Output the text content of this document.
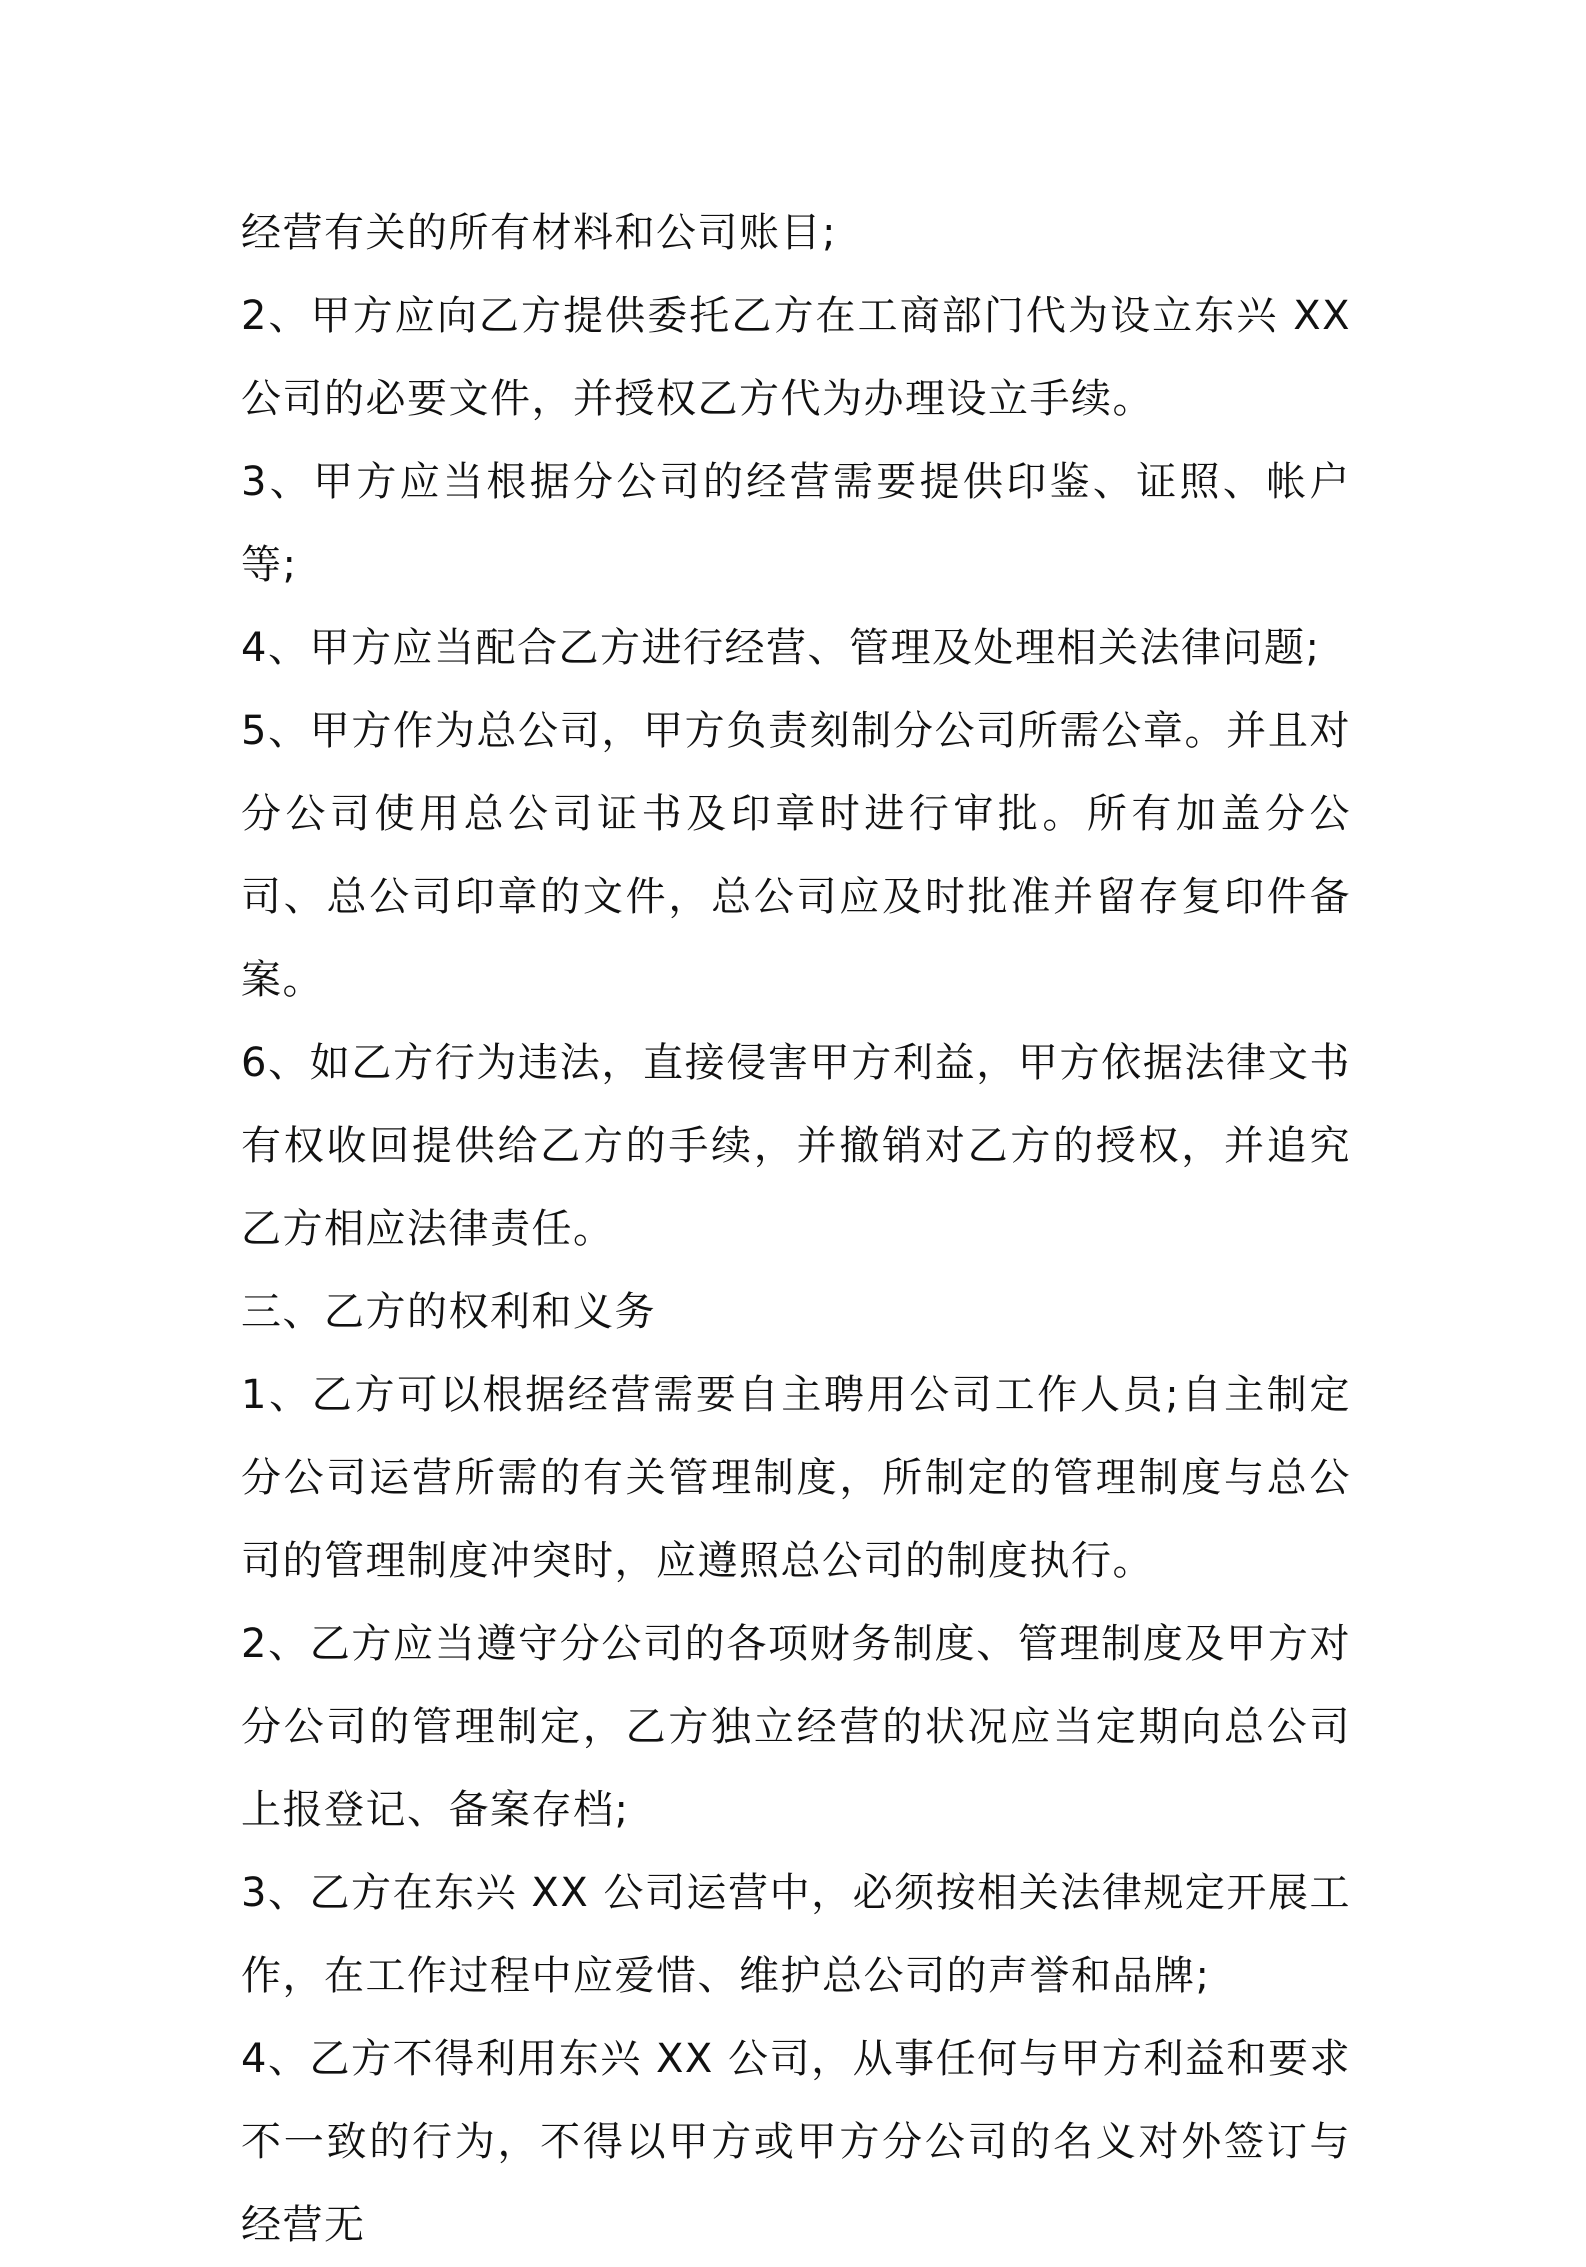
经营有关的所有材料和公司账目;

2、甲方应向乙方提供委托乙方在工商部门代为设立东兴 XX 公司的必要文件，并授权乙方代为办理设立手续。

3、甲方应当根据分公司的经营需要提供印鉴、证照、帐户等;

4、甲方应当配合乙方进行经营、管理及处理相关法律问题;

5、甲方作为总公司，甲方负责刻制分公司所需公章。并且对分公司使用总公司证书及印章时进行审批。所有加盖分公司、总公司印章的文件，总公司应及时批准并留存复印件备案。

6、如乙方行为违法，直接侵害甲方利益，甲方依据法律文书有权收回提供给乙方的手续，并撤销对乙方的授权，并追究乙方相应法律责任。

三、乙方的权利和义务

1、乙方可以根据经营需要自主聘用公司工作人员;自主制定分公司运营所需的有关管理制度，所制定的管理制度与总公司的管理制度冲突时，应遵照总公司的制度执行。

2、乙方应当遵守分公司的各项财务制度、管理制度及甲方对分公司的管理制定，乙方独立经营的状况应当定期向总公司上报登记、备案存档;

3、乙方在东兴 XX 公司运营中，必须按相关法律规定开展工作，在工作过程中应爱惜、维护总公司的声誉和品牌;

4、乙方不得利用东兴 XX 公司，从事任何与甲方利益和要求不一致的行为，不得以甲方或甲方分公司的名义对外签订与经营无
